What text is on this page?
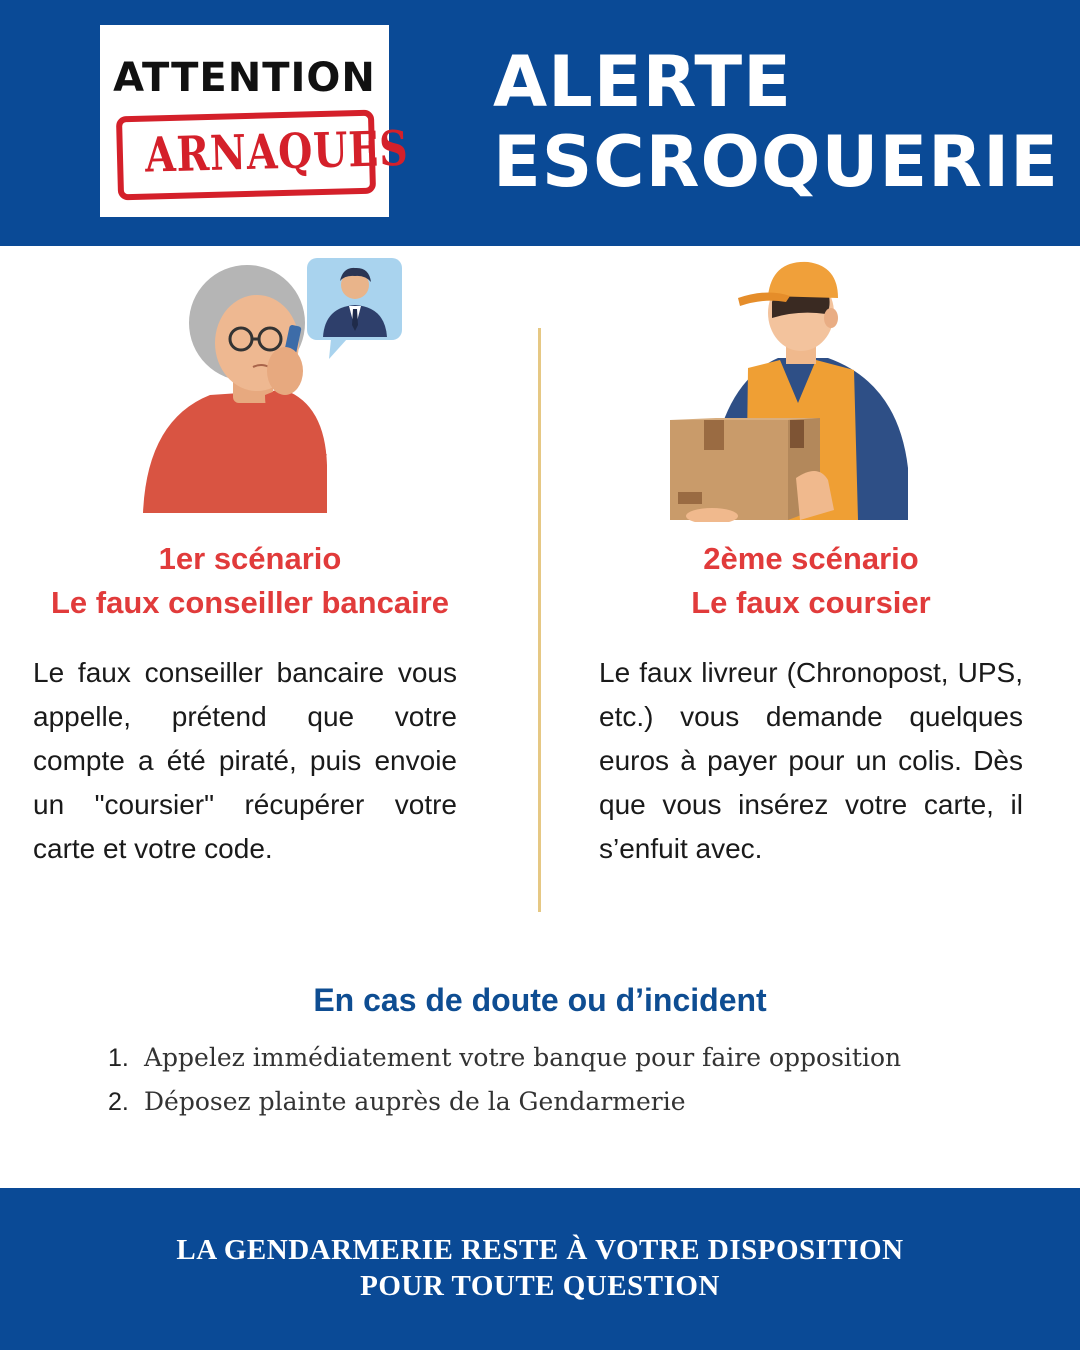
ATTENTION
ARNAQUES
ALERTE
ESCROQUERIE
1er scénario
Le faux conseiller bancaire

Le faux conseiller bancaire vous appelle, prétend que votre compte a été piraté, puis envoie un "coursier" récupérer votre carte et votre code.

2ème scénario
Le faux coursier

Le faux livreur (Chronopost, UPS, etc.) vous demande quelques euros à payer pour un colis. Dès que vous insérez votre carte, il s’enfuit avec.

En cas de doute ou d’incident
1. Appelez immédiatement votre banque pour faire opposition
2. Déposez plainte auprès de la Gendarmerie
LA GENDARMERIE RESTE À VOTRE DISPOSITION
POUR TOUTE QUESTION
